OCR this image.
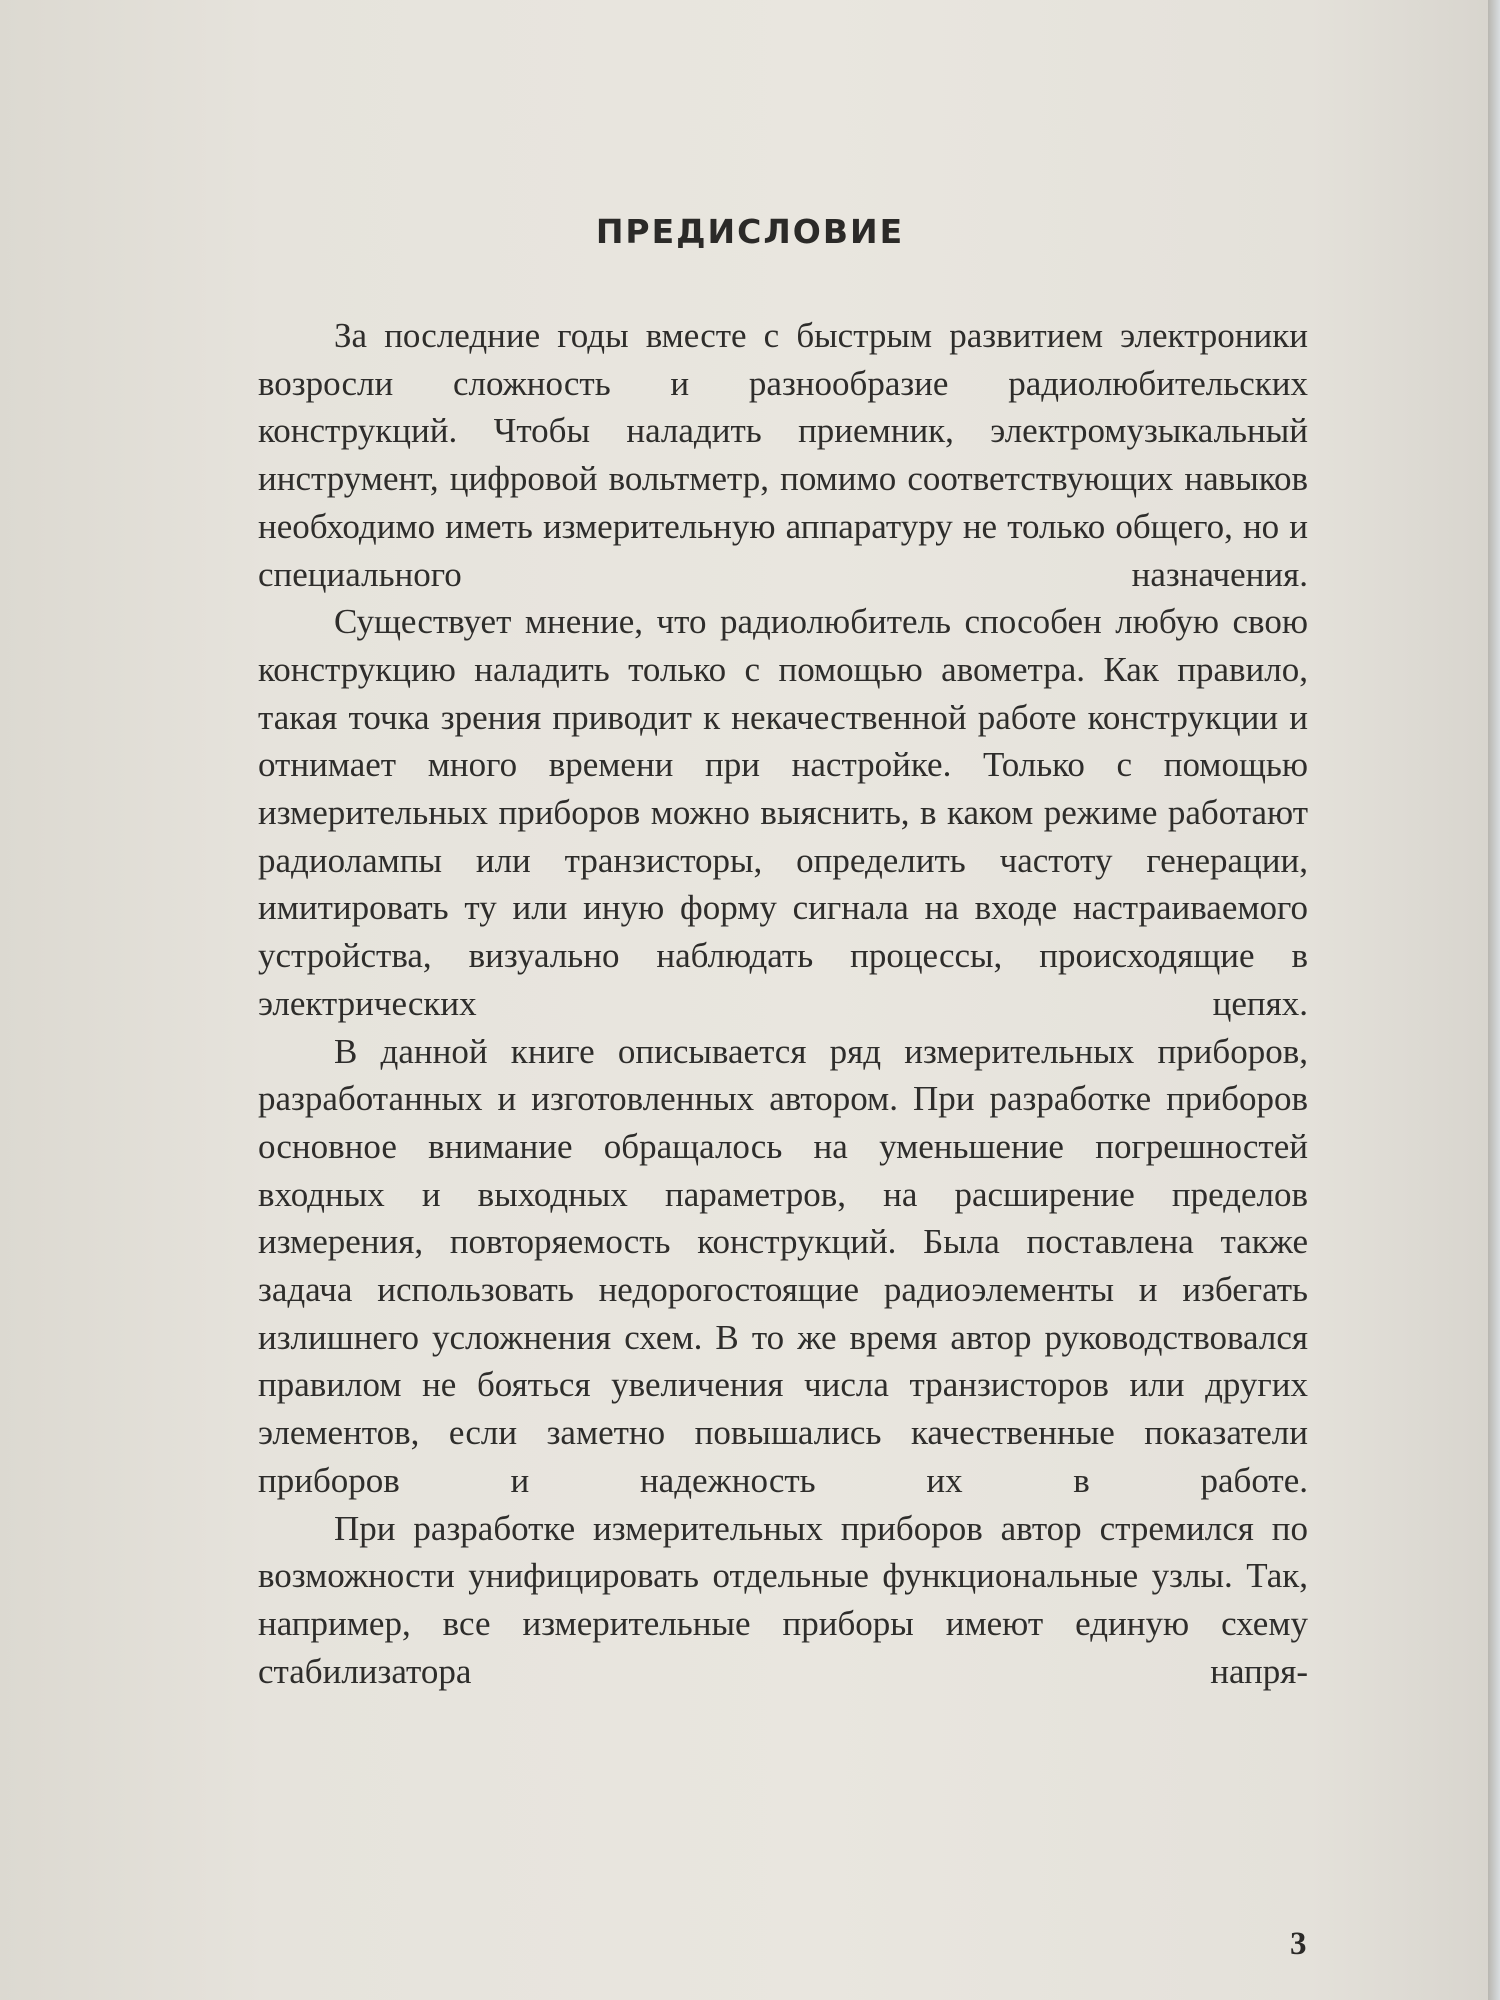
ПРЕДИСЛОВИЕ

За последние годы вместе с быстрым развитием электроники возросли сложность и разнообразие радиолюбительских конструкций. Чтобы наладить приемник, электромузыкальный инструмент, цифровой вольтметр, помимо соответствующих навыков необходимо иметь измерительную аппаратуру не только общего, но и специального назначения.

Существует мнение, что радиолюбитель способен любую свою конструкцию наладить только с помощью авометра. Как правило, такая точка зрения приводит к некачественной работе конструкции и отнимает много времени при настройке. Только с помощью измерительных приборов можно выяснить, в каком режиме работают радиолампы или транзисторы, определить частоту генерации, имитировать ту или иную форму сигнала на входе настраиваемого устройства, визуально наблюдать процессы, происходящие в электрических цепях.

В данной книге описывается ряд измерительных приборов, разработанных и изготовленных автором. При разработке приборов основное внимание обращалось на уменьшение погрешностей входных и выходных параметров, на расширение пределов измерения, повторяемость конструкций. Была поставлена также задача использовать недорогостоящие радиоэлементы и избегать излишнего усложнения схем. В то же время автор руководствовался правилом не бояться увеличения числа транзисторов или других элементов, если заметно повышались качественные показатели приборов и надежность их в работе.

При разработке измерительных приборов автор стремился по возможности унифицировать отдельные функциональные узлы. Так, например, все измерительные приборы имеют единую схему стабилизатора напря-

3
